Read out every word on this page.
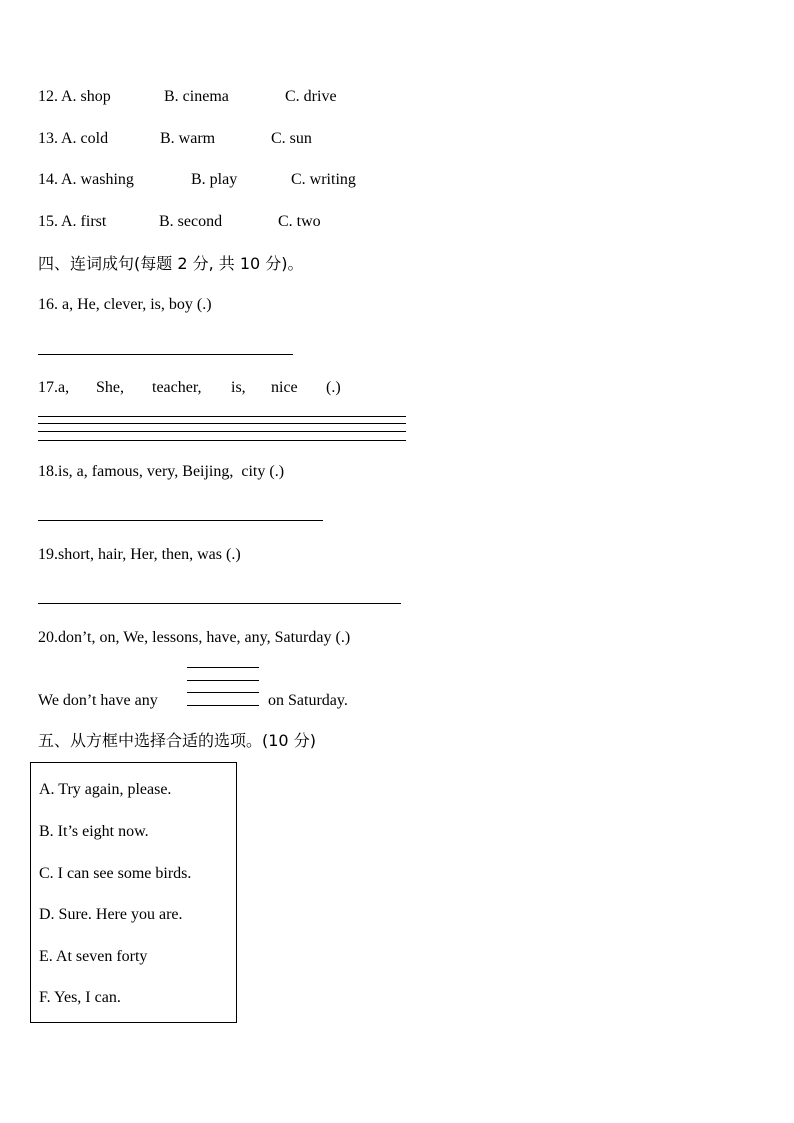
12. A. shop	B. cinema	C. drive
13. A. cold	B. warm	C. sun
14. A. washing	B. play	C. writing
15. A. first	B. second	C. two
四、连词成句(每题 2 分, 共 10 分)。
16. a, He, clever, is, boy (.)
17.a, She, teacher, is, nice (.)
18.is, a, famous, very, Beijing,  city (.)
19.short, hair, Her, then, was (.)
20.don’t, on, We, lessons, have, any, Saturday (.)
We don’t have any	on Saturday.
五、从方框中选择合适的选项。(10 分)
A. Try again, please.
B. It’s eight now.
C. I can see some birds.
D. Sure. Here you are.
E. At seven forty
F. Yes, I can.
